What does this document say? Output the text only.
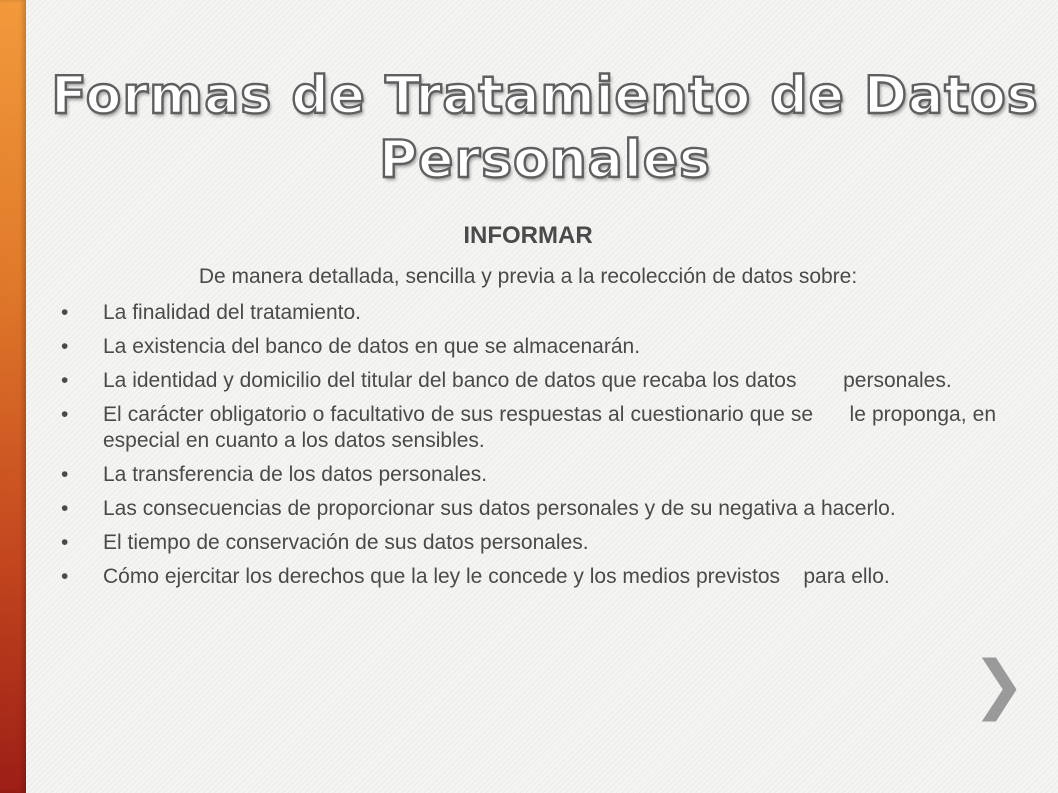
Formas de Tratamiento de Datos Personales
INFORMAR
De manera detallada, sencilla y previa a la recolección de datos sobre:
• La finalidad del tratamiento.
• La existencia del banco de datos en que se almacenarán.
• La identidad y domicilio del titular del banco de datos que recaba los datos        personales.
• El carácter obligatorio o facultativo de sus respuestas al cuestionario que se      le proponga, en especial en cuanto a los datos sensibles.
• La transferencia de los datos personales.
• Las consecuencias de proporcionar sus datos personales y de su negativa a hacerlo.
• El tiempo de conservación de sus datos personales.
• Cómo ejercitar los derechos que la ley le concede y los medios previstos    para ello.
❯
